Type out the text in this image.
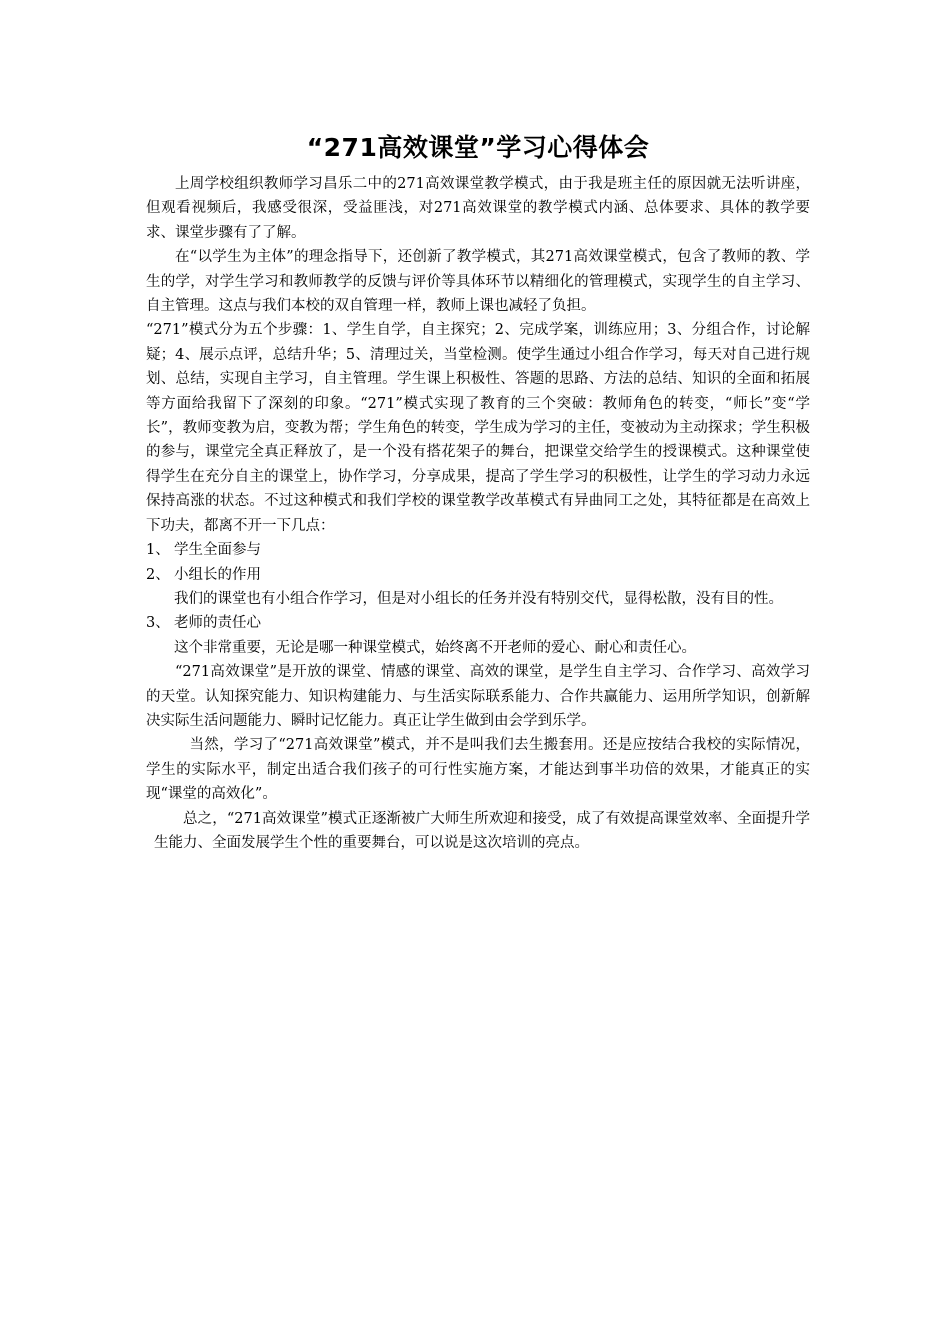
“271高效课堂”学习心得体会

上周学校组织教师学习昌乐二中的271高效课堂教学模式，由于我是班主任的原因就无法听讲座，但观看视频后，我感受很深，受益匪浅，对271高效课堂的教学模式内涵、总体要求、具体的教学要求、课堂步骤有了了解。

在“以学生为主体”的理念指导下，还创新了教学模式，其271高效课堂模式，包含了教师的教、学生的学，对学生学习和教师教学的反馈与评价等具体环节以精细化的管理模式，实现学生的自主学习、自主管理。这点与我们本校的双自管理一样，教师上课也减轻了负担。

“271”模式分为五个步骤：1、学生自学，自主探究；2、完成学案，训练应用；3、分组合作，讨论解疑；4、展示点评，总结升华；5、清理过关，当堂检测。使学生通过小组合作学习，每天对自己进行规划、总结，实现自主学习，自主管理。学生课上积极性、答题的思路、方法的总结、知识的全面和拓展等方面给我留下了深刻的印象。“271”模式实现了教育的三个突破：教师角色的转变，“师长”变“学长”，教师变教为启，变教为帮；学生角色的转变，学生成为学习的主任，变被动为主动探求；学生积极的参与，课堂完全真正释放了，是一个没有搭花架子的舞台，把课堂交给学生的授课模式。这种课堂使得学生在充分自主的课堂上，协作学习，分享成果，提高了学生学习的积极性，让学生的学习动力永远保持高涨的状态。不过这种模式和我们学校的课堂教学改革模式有异曲同工之处，其特征都是在高效上下功夫，都离不开一下几点：

1、 学生全面参与
2、 小组长的作用

我们的课堂也有小组合作学习，但是对小组长的任务并没有特别交代，显得松散，没有目的性。

3、 老师的责任心

这个非常重要，无论是哪一种课堂模式，始终离不开老师的爱心、耐心和责任心。

“271高效课堂”是开放的课堂、情感的课堂、高效的课堂，是学生自主学习、合作学习、高效学习的天堂。认知探究能力、知识构建能力、与生活实际联系能力、合作共赢能力、运用所学知识，创新解决实际生活问题能力、瞬时记忆能力。真正让学生做到由会学到乐学。

当然，学习了“271高效课堂”模式，并不是叫我们去生搬套用。还是应按结合我校的实际情况，学生的实际水平，制定出适合我们孩子的可行性实施方案，才能达到事半功倍的效果，才能真正的实现“课堂的高效化”。

总之，“271高效课堂”模式正逐渐被广大师生所欢迎和接受，成了有效提高课堂效率、全面提升学生能力、全面发展学生个性的重要舞台，可以说是这次培训的亮点。
